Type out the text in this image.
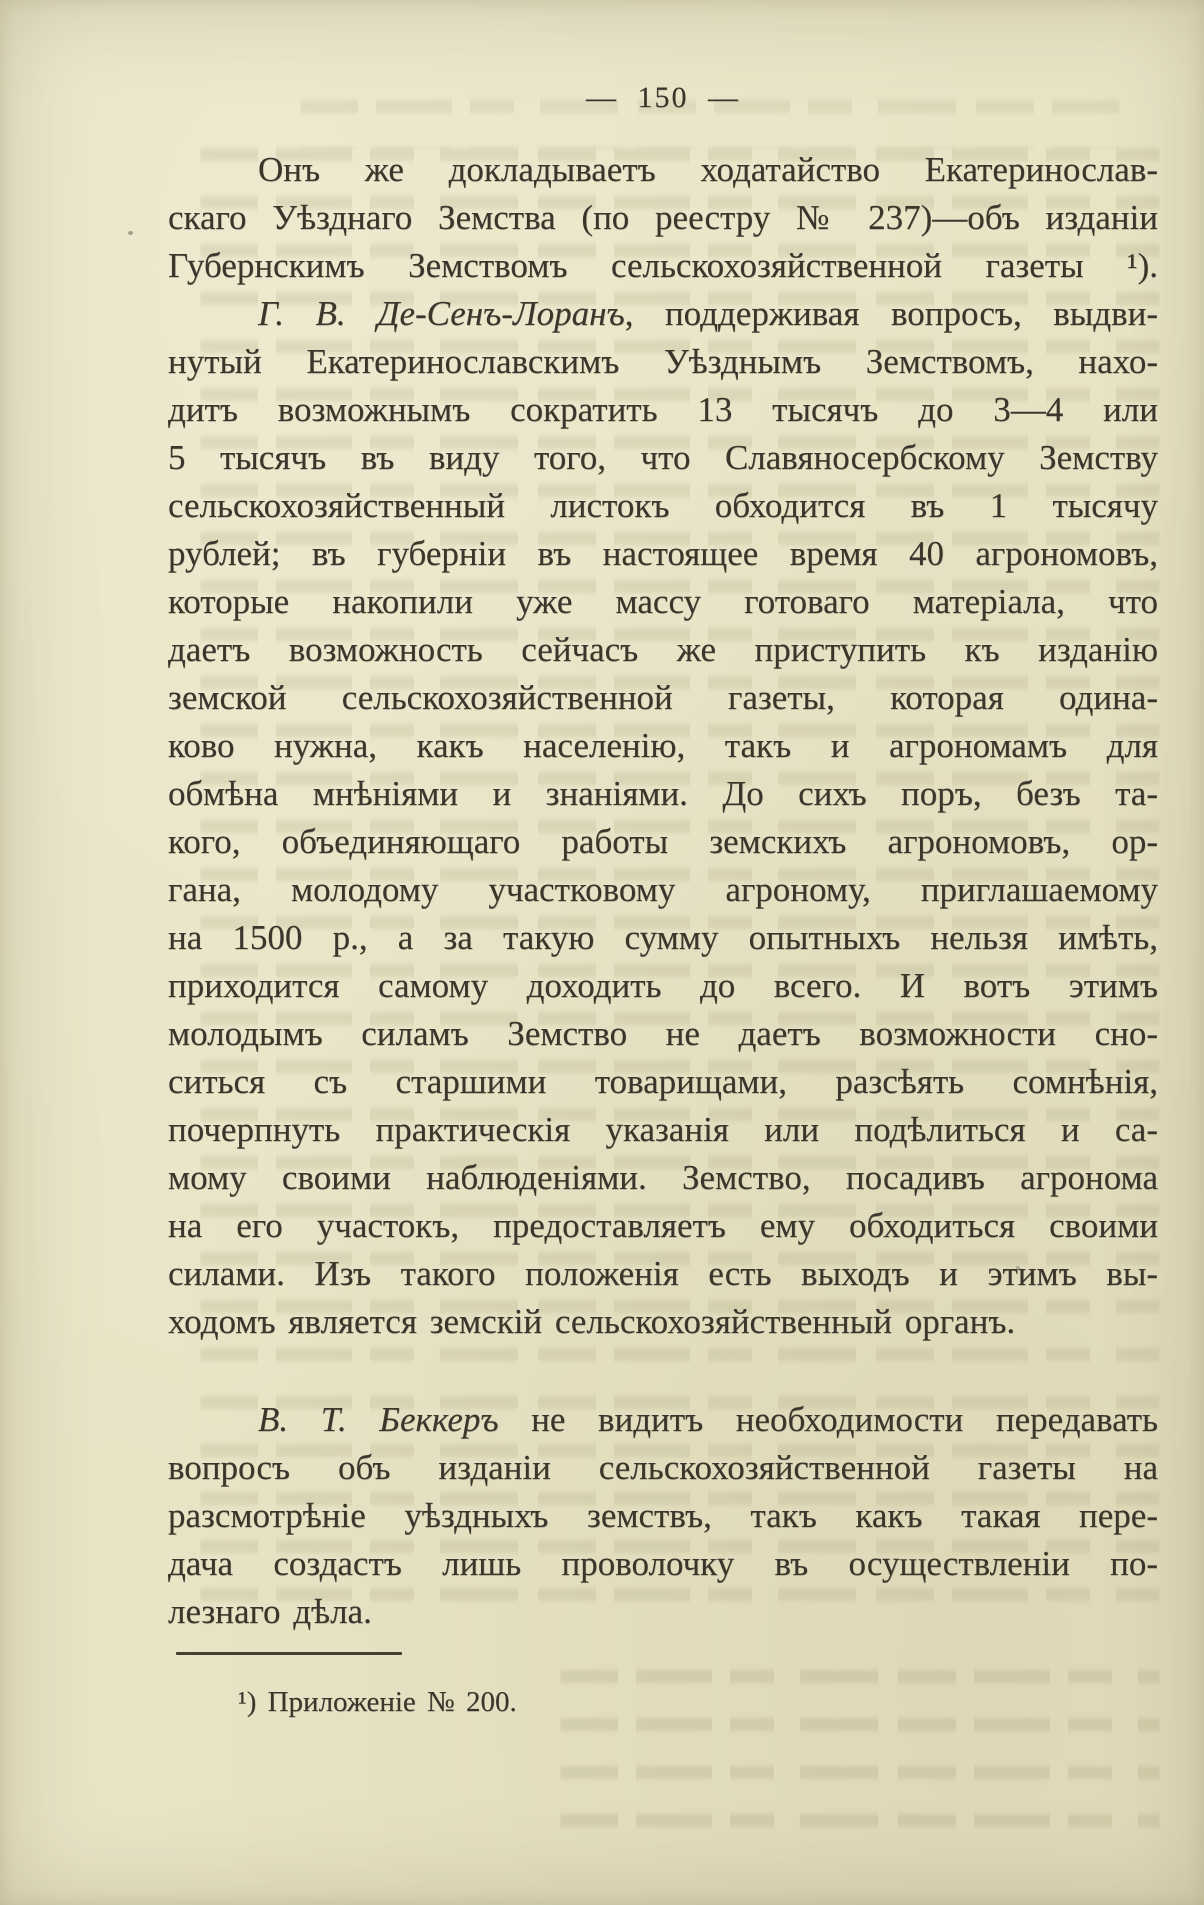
— 150 —
Онъ же докладываетъ ходатайство Екатеринослав-
скаго Уѣзднаго Земства (по реестру № 237)—объ изданіи
Губернскимъ Земствомъ сельскохозяйственной газеты ¹).
Г. В. Де-Сенъ-Лоранъ, поддерживая вопросъ, выдви-
нутый Екатеринославскимъ Уѣзднымъ Земствомъ, нахо-
дитъ возможнымъ сократить 13 тысячъ до 3—4 или
5 тысячъ въ виду того, что Славяносербскому Земству
сельскохозяйственный листокъ обходится въ 1 тысячу
рублей; въ губерніи въ настоящее время 40 агрономовъ,
которые накопили уже массу готоваго матеріала, что
даетъ возможность сейчасъ же приступить къ изданію
земской сельскохозяйственной газеты, которая одина-
ково нужна, какъ населенію, такъ и агрономамъ для
обмѣна мнѣніями и знаніями. До сихъ поръ, безъ та-
кого, объединяющаго работы земскихъ агрономовъ, ор-
гана, молодому участковому агроному, приглашаемому
на 1500 р., а за такую сумму опытныхъ нельзя имѣть,
приходится самому доходить до всего. И вотъ этимъ
молодымъ силамъ Земство не даетъ возможности сно-
ситься съ старшими товарищами, разсѣять сомнѣнія,
почерпнуть практическія указанія или подѣлиться и са-
мому своими наблюденіями. Земство, посадивъ агронома
на его участокъ, предоставляетъ ему обходиться своими
силами. Изъ такого положенія есть выходъ и этимъ вы-
ходомъ является земскій сельскохозяйственный органъ.
В. Т. Беккеръ не видитъ необходимости передавать
вопросъ объ изданіи сельскохозяйственной газеты на
разсмотрѣніе уѣздныхъ земствъ, такъ какъ такая пере-
дача создастъ лишь проволочку въ осуществленіи по-
лезнаго дѣла.
¹) Приложеніе № 200.
